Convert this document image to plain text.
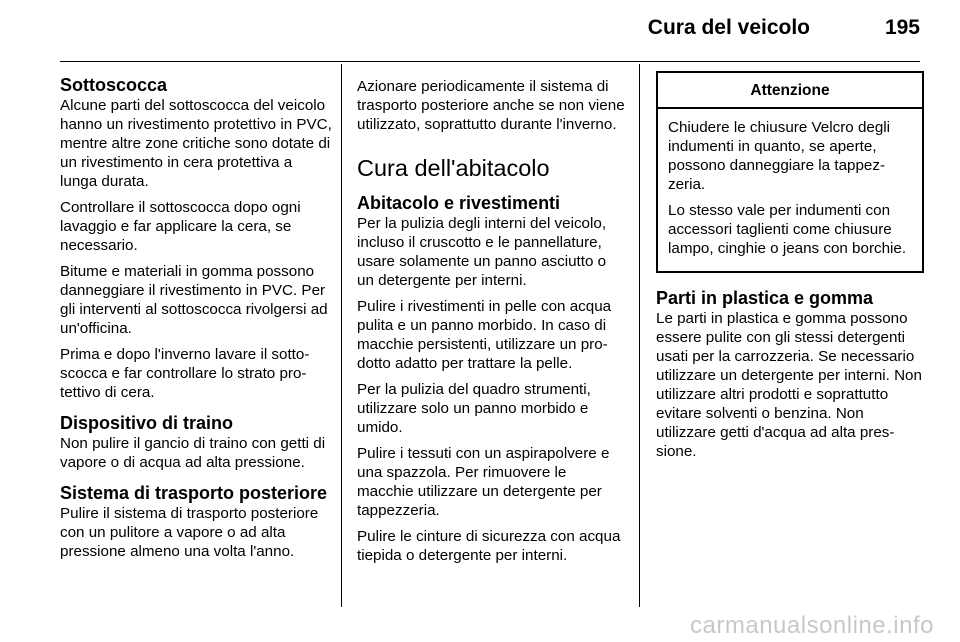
Cura del veicolo	195
Sottoscocca

Alcune parti del sottoscocca del veicolo hanno un rivestimento protettivo in PVC, mentre altre zone critiche sono dotate di un rivestimento in cera protettiva a lunga durata.

Controllare il sottoscocca dopo ogni lavaggio e far applicare la cera, se necessario.

Bitume e materiali in gomma possono danneggiare il rivestimento in PVC. Per gli interventi al sottoscocca rivolgersi ad un'officina.

Prima e dopo l'inverno lavare il sottoscocca e far controllare lo strato protettivo di cera.

Dispositivo di traino

Non pulire il gancio di traino con getti di vapore o di acqua ad alta pressione.

Sistema di trasporto posteriore

Pulire il sistema di trasporto posteriore con un pulitore a vapore o ad alta pressione almeno una volta l'anno.

Azionare periodicamente il sistema di trasporto posteriore anche se non viene utilizzato, soprattutto durante l'inverno.

Cura dell'abitacolo
Abitacolo e rivestimenti

Per la pulizia degli interni del veicolo, incluso il cruscotto e le pannellature, usare solamente un panno asciutto o un detergente per interni.

Pulire i rivestimenti in pelle con acqua pulita e un panno morbido. In caso di macchie persistenti, utilizzare un prodotto adatto per trattare la pelle.

Per la pulizia del quadro strumenti, utilizzare solo un panno morbido e umido.

Pulire i tessuti con un aspirapolvere e una spazzola. Per rimuovere le macchie utilizzare un detergente per tappezzeria.

Pulire le cinture di sicurezza con acqua tiepida o detergente per interni.

Attenzione

Chiudere le chiusure Velcro degli indumenti in quanto, se aperte, possono danneggiare la tappezzeria.

Lo stesso vale per indumenti con accessori taglienti come chiusure lampo, cinghie o jeans con borchie.

Parti in plastica e gomma

Le parti in plastica e gomma possono essere pulite con gli stessi detergenti usati per la carrozzeria. Se necessario utilizzare un detergente per interni. Non utilizzare altri prodotti e soprattutto evitare solventi o benzina. Non utilizzare getti d'acqua ad alta pressione.

carmanualsonline.info
